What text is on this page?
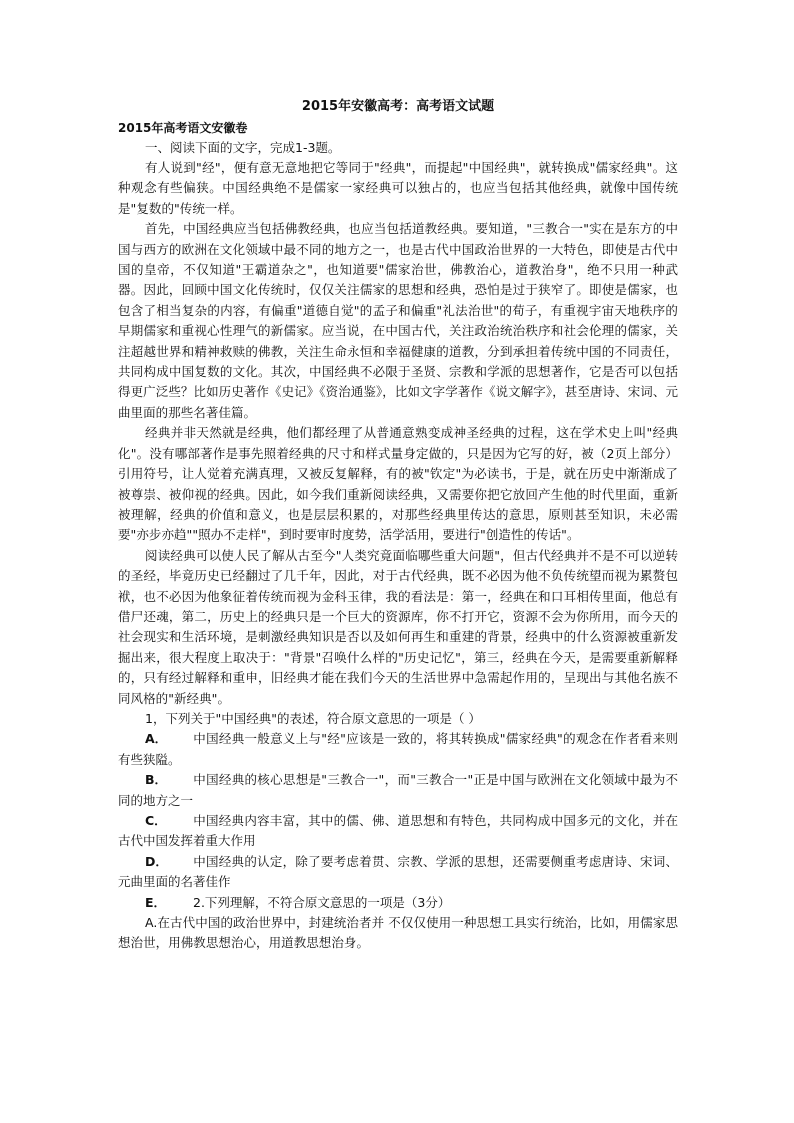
2015年安徽高考：高考语文试题

2015年高考语文安徽卷

一、阅读下面的文字，完成1-3题。

有人说到"经"，便有意无意地把它等同于"经典"，而提起"中国经典"，就转换成"儒家经典"。这种观念有些偏狭。中国经典绝不是儒家一家经典可以独占的，也应当包括其他经典，就像中国传统是"复数的"传统一样。

首先，中国经典应当包括佛教经典，也应当包括道教经典。要知道，"三教合一"实在是东方的中国与西方的欧洲在文化领域中最不同的地方之一，也是古代中国政治世界的一大特色，即使是古代中国的皇帝，不仅知道"王霸道杂之"，也知道要"儒家治世，佛教治心，道教治身"，绝不只用一种武器。因此，回顾中国文化传统时，仅仅关注儒家的思想和经典，恐怕是过于狭窄了。即使是儒家，也包含了相当复杂的内容，有偏重"道德自觉"的孟子和偏重"礼法治世"的荀子，有重视宇宙天地秩序的早期儒家和重视心性理气的新儒家。应当说，在中国古代，关注政治统治秩序和社会伦理的儒家，关注超越世界和精神救赎的佛教，关注生命永恒和幸福健康的道教，分到承担着传统中国的不同责任，共同构成中国复数的文化。其次，中国经典不必限于圣贤、宗教和学派的思想著作，它是否可以包括得更广泛些？比如历史著作《史记》《资治通鉴》，比如文字学著作《说文解字》，甚至唐诗、宋词、元曲里面的那些名著佳篇。

经典并非天然就是经典，他们都经理了从普通意熟变成神圣经典的过程，这在学术史上叫"经典化"。没有哪部著作是事先照着经典的尺寸和样式量身定做的，只是因为它写的好，被（2页上部分）引用符号，让人觉着充满真理，又被反复解释，有的被"钦定"为必读书，于是，就在历史中渐渐成了被尊崇、被仰视的经典。因此，如今我们重新阅读经典，又需要你把它放回产生他的时代里面，重新被理解，经典的价值和意义，也是层层积累的，对那些经典里传达的意思，原则甚至知识，未必需要"亦步亦趋""照办不走样"，到时要审时度势，活学活用，要进行"创造性的传话"。

阅读经典可以使人民了解从古至今"人类究竟面临哪些重大问题"，但古代经典并不是不可以逆转的圣经，毕竟历史已经翻过了几千年，因此，对于古代经典，既不必因为他不负传统望而视为累赘包袱，也不必因为他象征着传统而视为金科玉律，我的看法是：第一，经典在和口耳相传里面，他总有借尸还魂，第二，历史上的经典只是一个巨大的资源库，你不打开它，资源不会为你所用，而今天的社会现实和生活环境，是刺激经典知识是否以及如何再生和重建的背景，经典中的什么资源被重新发掘出来，很大程度上取决于："背景"召唤什么样的"历史记忆"，第三，经典在今天，是需要重新解释的，只有经过解释和重申，旧经典才能在我们今天的生活世界中急需起作用的，呈现出与其他名族不同风格的"新经典"。

1，下列关于"中国经典"的表述，符合原文意思的一项是（ ）

A． 中国经典一般意义上与"经"应该是一致的，将其转换成"儒家经典"的观念在作者看来则有些狭隘。

B． 中国经典的核心思想是"三教合一"，而"三教合一"正是中国与欧洲在文化领域中最为不同的地方之一

C． 中国经典内容丰富，其中的儒、佛、道思想和有特色，共同构成中国多元的文化，并在古代中国发挥着重大作用

D． 中国经典的认定，除了要考虑着贯、宗教、学派的思想，还需要侧重考虑唐诗、宋词、元曲里面的名著佳作

E． 2.下列理解，不符合原文意思的一项是（3分）

A.在古代中国的政治世界中，封建统治者并 不仅仅使用一种思想工具实行统治，比如，用儒家思想治世，用佛教思想治心，用道教思想治身。
